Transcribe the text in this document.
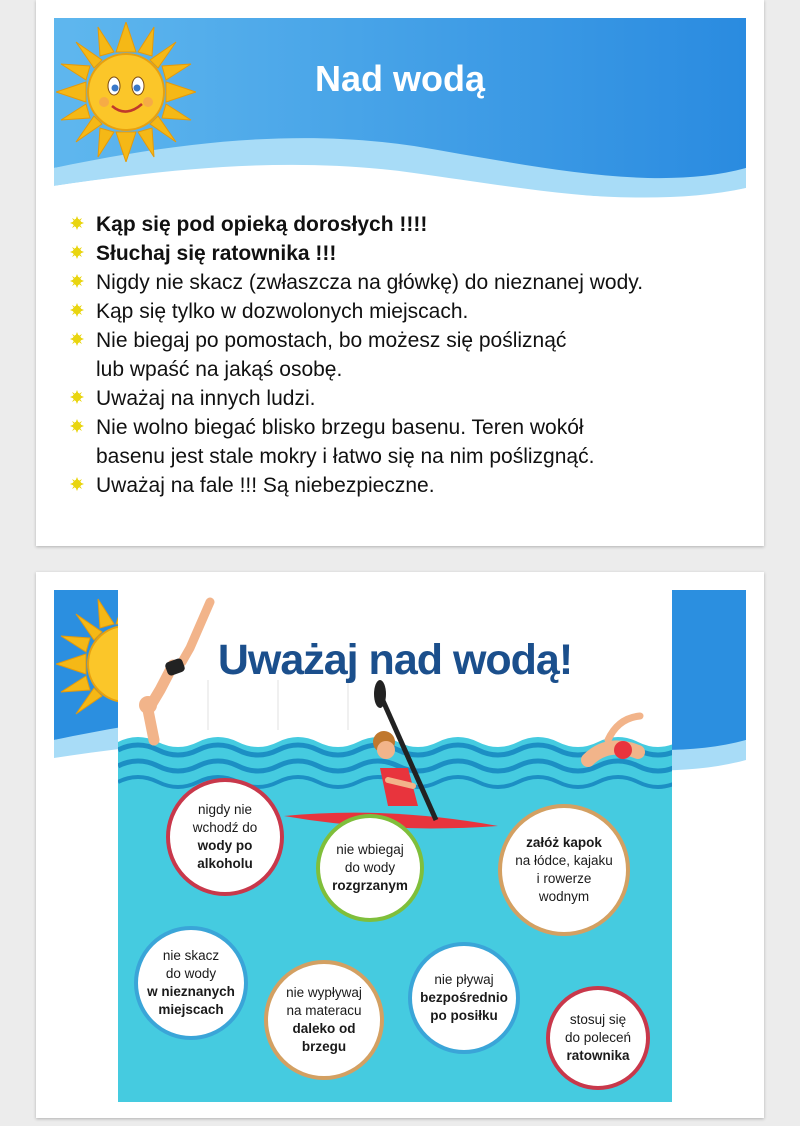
Nad wodą
Kąp się pod opieką dorosłych !!!!
Słuchaj się ratownika !!!
Nigdy nie skacz (zwłaszcza na główkę) do nieznanej wody.
Kąp się tylko w dozwolonych miejscach.
Nie biegaj po pomostach, bo możesz się pośliznąć
lub wpaść na jakąś osobę.
Uważaj na innych ludzi.
Nie wolno biegać blisko brzegu basenu. Teren wokół
basenu jest stale mokry i łatwo się na nim poślizgnąć.
Uważaj na fale !!! Są niebezpieczne.
Uważaj nad wodą!
nigdy nie
wchodź do
wody po
alkoholu
nie wbiegaj
do wody
rozgrzanym
załóż kapok
na łódce, kajaku
i rowerze
wodnym
nie skacz
do wody
w nieznanych
miejscach
nie wypływaj
na materacu
daleko od
brzegu
nie pływaj
bezpośrednio
po posiłku	stosuj się
do poleceń
ratownika
